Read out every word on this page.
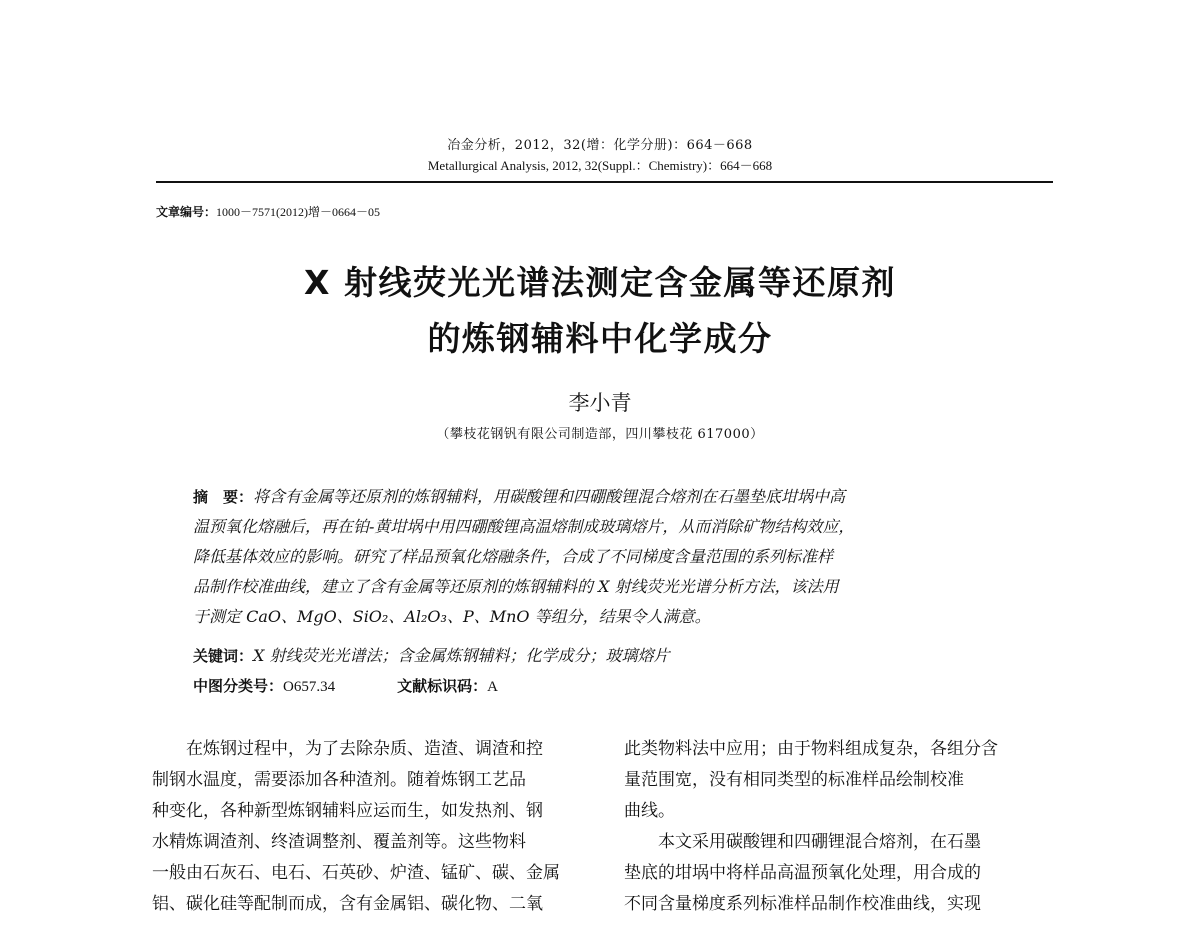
冶金分析，2012，32(增：化学分册)：664－668
Metallurgical Analysis, 2012, 32(Suppl.：Chemistry)：664－668
文章编号：1000－7571(2012)增－0664－05
X 射线荧光光谱法测定含金属等还原剂
的炼钢辅料中化学成分
李小青
（攀枝花钢钒有限公司制造部，四川攀枝花 617000）
摘　要：将含有金属等还原剂的炼钢辅料，用碳酸锂和四硼酸锂混合熔剂在石墨垫底坩埚中高
温预氧化熔融后，再在铂-黄坩埚中用四硼酸锂高温熔制成玻璃熔片，从而消除矿物结构效应，
降低基体效应的影响。研究了样品预氧化熔融条件，合成了不同梯度含量范围的系列标准样
品制作校准曲线，建立了含有金属等还原剂的炼钢辅料的 X 射线荧光光谱分析方法，该法用
于测定 CaO、MgO、SiO₂、Al₂O₃、P、MnO 等组分，结果令人满意。
关键词：X 射线荧光光谱法；含金属炼钢辅料；化学成分；玻璃熔片
中图分类号：O657.34	文献标识码：A
在炼钢过程中，为了去除杂质、造渣、调渣和控
制钢水温度，需要添加各种渣剂。随着炼钢工艺品
种变化，各种新型炼钢辅料应运而生，如发热剂、钢
水精炼调渣剂、终渣调整剂、覆盖剂等。这些物料
一般由石灰石、电石、石英砂、炉渣、锰矿、碳、金属
铝、碳化硅等配制而成，含有金属铝、碳化物、二氧
此类物料法中应用；由于物料组成复杂，各组分含
量范围宽，没有相同类型的标准样品绘制校准
曲线。
本文采用碳酸锂和四硼锂混合熔剂，在石墨
垫底的坩埚中将样品高温预氧化处理，用合成的
不同含量梯度系列标准样品制作校准曲线，实现
